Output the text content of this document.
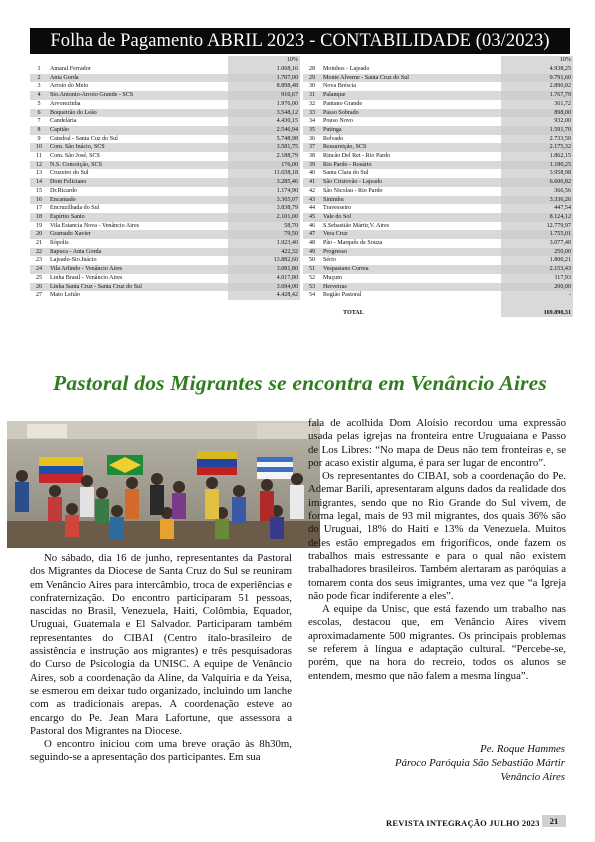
Folha de Pagamento ABRIL 2023 - CONTABILIDADE (03/2023)
		10%
1	Amaral Ferrador	1.068,16
2	Anta Gorda	1.707,00
3	Arroio do Meio	8.898,48
4	Sto.Antonio-Arroio Grande - SCS	910,67
5	Arvorezinha	1.976,00
6	Boqueirão do Leão	3.548,12
7	Candelária	4.430,15
8	Capitão	2.546,94
9	Catedral - Santa Cuz do Sul	5.748,98
10	Com. São Inácio, SCS	3.581,75
11	Com. São José, SCS	2.188,79
12	N.S. Conceição, SCS	176,00
13	Cruzeiro do Sul	11.658,18
14	Dom Feliciano	3.285,46
15	Dr.Ricardo	1.174,90
16	Encantado	3.365,07
17	Encruzilhada do Sul	3.838,79
18	Espírito Santo	2.101,00
19	Vila Estancia Nova - Venâncio Aires	58,70
20	Gramado Xavier	79,50
21	Ilópolis	1.923,40
22	Itapuca - Anta Gorda	422,32
23	Lajeado-Sto.Inácio	13.882,60
24	Vila Arlindo - Venâncio Aires	3.081,80
25	Linha Brasil - Venâncio Aires	4.017,80
26	Linha Santa Cruz - Santa Cruz do Sul	3.694,00
27	Mato Leitão	4.428,42
		10%
28	Moinhos - Lajeado	4.938,25
29	Monte Alverne - Santa Cruz do Sul	9.791,60
30	Nova Bréscia	2.890,82
31	Palanque	1.767,79
32	Pantano Grande	361,72
33	Passo Sobrado	898,00
34	Pouso Novo	932,00
35	Putinga	1.591,70
36	Relvado	2.733,50
37	Ressureição, SCS	2.175,32
38	Rincão Del Ret - Rio Pardo	1.862,15
39	Rio Pardo - Rosário	1.180,25
40	Santa Clara do Sul	3.958,98
41	São Cristovão - Lajeado	6.606,82
42	São Nicolau - Rio Pardo	366,56
43	Sinimbu	3.336,26
44	Travesseiro	447,54
45	Vale do Sol	8.124,12
46	S.Sebastião Mártir,V. Aires	12.779,97
47	Vera Cruz	1.755,01
48	Pão - Marquês de Souza	3.077,40
49	Progresso	250,00
50	Sério	1.800,21
51	Vespasiano Correa	2.153,43
52	Muçum	117,93
53	Herveiras	200,00
54	Região Pastoral	-

	TOTAL	169.890,31
Pastoral dos Migrantes se encontra em Venâncio Aires

No sábado, dia 16 de junho, representantes da Pastoral dos Migrantes da Diocese de Santa Cruz do Sul se reuniram em Venâncio Aires para intercâmbio, troca de experiências e confraternização. Do encontro participaram 51 pessoas, nascidas no Brasil, Venezuela, Haiti, Colômbia, Equador, Uruguai, Guatemala e El Salvador. Participaram também representantes do CIBAI (Centro ítalo-brasileiro de assistência e instrução aos migrantes) e três pesquisadoras do Curso de Psicologia da UNISC. A equipe de Venâncio Aires, sob a coordenação da Aline, da Valquíria e da Yeisa, se esmerou em deixar tudo organizado, incluindo um lanche com as tradicionais arepas. A coordenação esteve ao encargo do Pe. Jean Mara Lafortune, que assessora a Pastoral dos Migrantes na Diocese.

O encontro iniciou com uma breve oração às 8h30m, seguindo-se a apresentação dos participantes. Em sua

fala de acolhida Dom Aloísio recordou uma expressão usada pelas igrejas na fronteira entre Uruguaiana e Passo de Los Libres: “No mapa de Deus não tem fronteiras e, se por acaso existir alguma, é para ser lugar de encontro”.

Os representantes do CIBAI, sob a coordenação do Pe. Ademar Barili, apresentaram alguns dados da realidade dos imigrantes, sendo que no Rio Grande do Sul vivem, de forma legal, mais de 93 mil migrantes, dos quais 36% são do Uruguai, 18% do Haiti e 13% da Venezuela. Muitos deles estão empregados em frigoríficos, onde fazem os trabalhos mais estressante e para o qual não existem trabalhadores brasileiros. Também alertaram as paróquias a tomarem conta dos seus imigrantes, uma vez que “a Igreja não pode ficar indiferente a eles”.

A equipe da Unisc, que está fazendo um trabalho nas escolas, destacou que, em Venâncio Aires vivem aproximadamente 500 migrantes. Os principais problemas se referem à língua e adaptação cultural. “Percebe-se, porém, que na hora do recreio, todos os alunos se entendem, mesmo que não falem a mesma língua”.

Pe. Roque Hammes
Pároco Paróquia São Sebastião Mártir
Venâncio Aires
REVISTA INTEGRAÇÃO JULHO 2023	21
